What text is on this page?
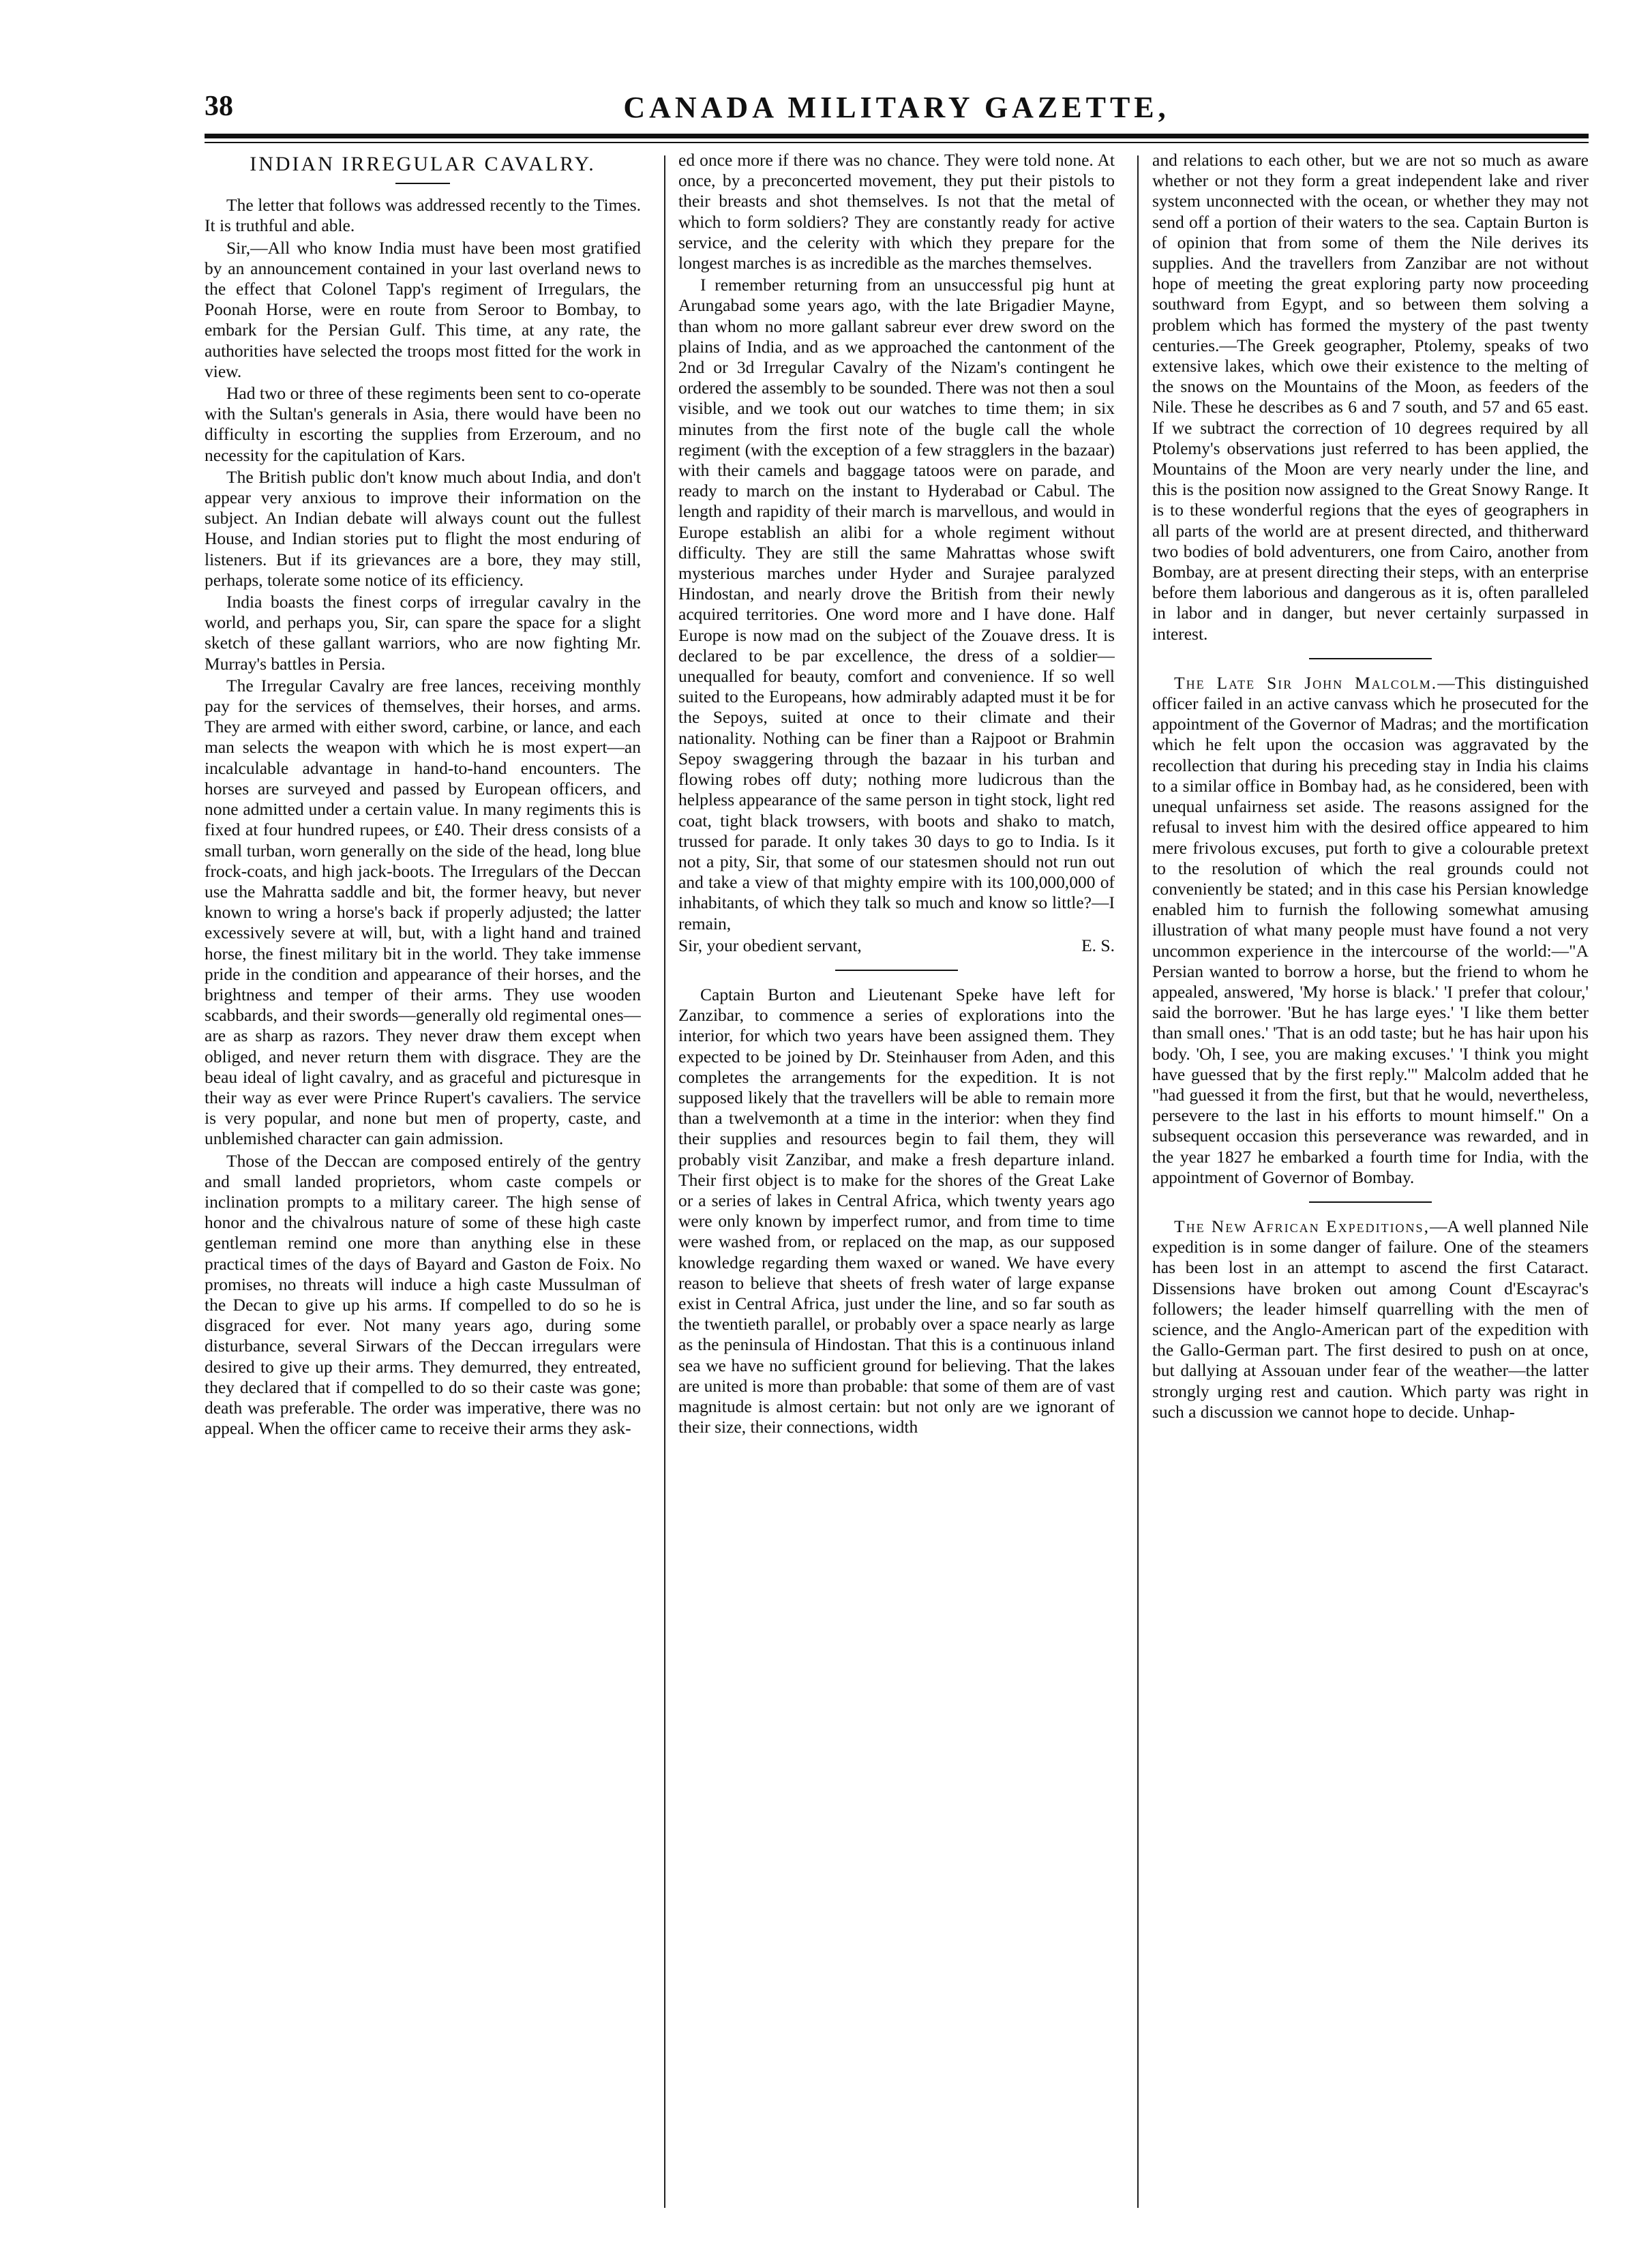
38	CANADA MILITARY GAZETTE,
INDIAN IRREGULAR CAVALRY.

The letter that follows was addressed recently to the Times. It is truthful and able.

Sir,—All who know India must have been most gratified by an announcement contained in your last overland news to the effect that Colonel Tapp's regiment of Irregulars, the Poonah Horse, were en route from Seroor to Bombay, to embark for the Persian Gulf. This time, at any rate, the authorities have selected the troops most fitted for the work in view.

Had two or three of these regiments been sent to co-operate with the Sultan's generals in Asia, there would have been no difficulty in escorting the supplies from Erzeroum, and no necessity for the capitulation of Kars.

The British public don't know much about India, and don't appear very anxious to improve their information on the subject. An Indian debate will always count out the fullest House, and Indian stories put to flight the most enduring of listeners. But if its grievances are a bore, they may still, perhaps, tolerate some notice of its efficiency.

India boasts the finest corps of irregular cavalry in the world, and perhaps you, Sir, can spare the space for a slight sketch of these gallant warriors, who are now fighting Mr. Murray's battles in Persia.

The Irregular Cavalry are free lances, receiving monthly pay for the services of themselves, their horses, and arms. They are armed with either sword, carbine, or lance, and each man selects the weapon with which he is most expert—an incalculable advantage in hand-to-hand encounters. The horses are surveyed and passed by European officers, and none admitted under a certain value. In many regiments this is fixed at four hundred rupees, or £40. Their dress consists of a small turban, worn generally on the side of the head, long blue frock-coats, and high jack-boots. The Irregulars of the Deccan use the Mahratta saddle and bit, the former heavy, but never known to wring a horse's back if properly adjusted; the latter excessively severe at will, but, with a light hand and trained horse, the finest military bit in the world. They take immense pride in the condition and appearance of their horses, and the brightness and temper of their arms. They use wooden scabbards, and their swords—generally old regimental ones—are as sharp as razors. They never draw them except when obliged, and never return them with disgrace. They are the beau ideal of light cavalry, and as graceful and picturesque in their way as ever were Prince Rupert's cavaliers. The service is very popular, and none but men of property, caste, and unblemished character can gain admission.

Those of the Deccan are composed entirely of the gentry and small landed proprietors, whom caste compels or inclination prompts to a military career. The high sense of honor and the chivalrous nature of some of these high caste gentleman remind one more than anything else in these practical times of the days of Bayard and Gaston de Foix. No promises, no threats will induce a high caste Mussulman of the Decan to give up his arms. If compelled to do so he is disgraced for ever. Not many years ago, during some disturbance, several Sirwars of the Deccan irregulars were desired to give up their arms. They demurred, they entreated, they declared that if compelled to do so their caste was gone; death was preferable. The order was imperative, there was no appeal. When the officer came to receive their arms they ask-

ed once more if there was no chance. They were told none. At once, by a preconcerted movement, they put their pistols to their breasts and shot themselves. Is not that the metal of which to form soldiers? They are constantly ready for active service, and the celerity with which they prepare for the longest marches is as incredible as the marches themselves.

I remember returning from an unsuccessful pig hunt at Arungabad some years ago, with the late Brigadier Mayne, than whom no more gallant sabreur ever drew sword on the plains of India, and as we approached the cantonment of the 2nd or 3d Irregular Cavalry of the Nizam's contingent he ordered the assembly to be sounded. There was not then a soul visible, and we took out our watches to time them; in six minutes from the first note of the bugle call the whole regiment (with the exception of a few stragglers in the bazaar) with their camels and baggage tatoos were on parade, and ready to march on the instant to Hyderabad or Cabul. The length and rapidity of their march is marvellous, and would in Europe establish an alibi for a whole regiment without difficulty. They are still the same Mahrattas whose swift mysterious marches under Hyder and Surajee paralyzed Hindostan, and nearly drove the British from their newly acquired territories. One word more and I have done. Half Europe is now mad on the subject of the Zouave dress. It is declared to be par excellence, the dress of a soldier—unequalled for beauty, comfort and convenience. If so well suited to the Europeans, how admirably adapted must it be for the Sepoys, suited at once to their climate and their nationality. Nothing can be finer than a Rajpoot or Brahmin Sepoy swaggering through the bazaar in his turban and flowing robes off duty; nothing more ludicrous than the helpless appearance of the same person in tight stock, light red coat, tight black trowsers, with boots and shako to match, trussed for parade. It only takes 30 days to go to India. Is it not a pity, Sir, that some of our statesmen should not run out and take a view of that mighty empire with its 100,000,000 of inhabitants, of which they talk so much and know so little?—I remain,

Sir, your obedient servant,	E. S.

Captain Burton and Lieutenant Speke have left for Zanzibar, to commence a series of explorations into the interior, for which two years have been assigned them. They expected to be joined by Dr. Steinhauser from Aden, and this completes the arrangements for the expedition. It is not supposed likely that the travellers will be able to remain more than a twelvemonth at a time in the interior: when they find their supplies and resources begin to fail them, they will probably visit Zanzibar, and make a fresh departure inland. Their first object is to make for the shores of the Great Lake or a series of lakes in Central Africa, which twenty years ago were only known by imperfect rumor, and from time to time were washed from, or replaced on the map, as our supposed knowledge regarding them waxed or waned. We have every reason to believe that sheets of fresh water of large expanse exist in Central Africa, just under the line, and so far south as the twentieth parallel, or probably over a space nearly as large as the peninsula of Hindostan. That this is a continuous inland sea we have no sufficient ground for believing. That the lakes are united is more than probable: that some of them are of vast magnitude is almost certain: but not only are we ignorant of their size, their connections, width

and relations to each other, but we are not so much as aware whether or not they form a great independent lake and river system unconnected with the ocean, or whether they may not send off a portion of their waters to the sea. Captain Burton is of opinion that from some of them the Nile derives its supplies. And the travellers from Zanzibar are not without hope of meeting the great exploring party now proceeding southward from Egypt, and so between them solving a problem which has formed the mystery of the past twenty centuries.—The Greek geographer, Ptolemy, speaks of two extensive lakes, which owe their existence to the melting of the snows on the Mountains of the Moon, as feeders of the Nile. These he describes as 6 and 7 south, and 57 and 65 east. If we subtract the correction of 10 degrees required by all Ptolemy's observations just referred to has been applied, the Mountains of the Moon are very nearly under the line, and this is the position now assigned to the Great Snowy Range. It is to these wonderful regions that the eyes of geographers in all parts of the world are at present directed, and thitherward two bodies of bold adventurers, one from Cairo, another from Bombay, are at present directing their steps, with an enterprise before them laborious and dangerous as it is, often paralleled in labor and in danger, but never certainly surpassed in interest.

The Late Sir John Malcolm.—This distinguished officer failed in an active canvass which he prosecuted for the appointment of the Governor of Madras; and the mortification which he felt upon the occasion was aggravated by the recollection that during his preceding stay in India his claims to a similar office in Bombay had, as he considered, been with unequal unfairness set aside. The reasons assigned for the refusal to invest him with the desired office appeared to him mere frivolous excuses, put forth to give a colourable pretext to the resolution of which the real grounds could not conveniently be stated; and in this case his Persian knowledge enabled him to furnish the following somewhat amusing illustration of what many people must have found a not very uncommon experience in the intercourse of the world:—"A Persian wanted to borrow a horse, but the friend to whom he appealed, answered, 'My horse is black.' 'I prefer that colour,' said the borrower. 'But he has large eyes.' 'I like them better than small ones.' 'That is an odd taste; but he has hair upon his body. 'Oh, I see, you are making excuses.' 'I think you might have guessed that by the first reply.'" Malcolm added that he "had guessed it from the first, but that he would, nevertheless, persevere to the last in his efforts to mount himself." On a subsequent occasion this perseverance was rewarded, and in the year 1827 he embarked a fourth time for India, with the appointment of Governor of Bombay.

The New African Expeditions,—A well planned Nile expedition is in some danger of failure. One of the steamers has been lost in an attempt to ascend the first Cataract. Dissensions have broken out among Count d'Escayrac's followers; the leader himself quarrelling with the men of science, and the Anglo-American part of the expedition with the Gallo-German part. The first desired to push on at once, but dallying at Assouan under fear of the weather—the latter strongly urging rest and caution. Which party was right in such a discussion we cannot hope to decide. Unhap-
